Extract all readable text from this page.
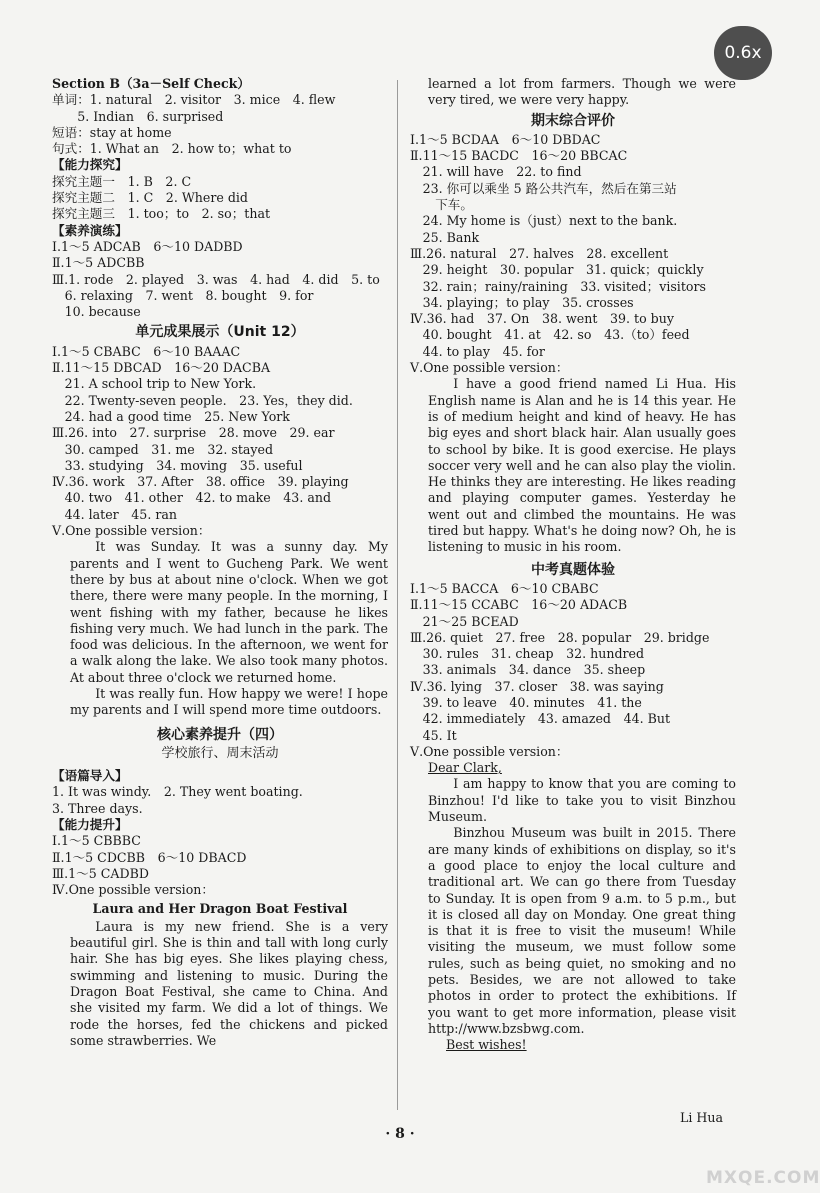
0.6x
Section B（3a－Self Check）
单词：1. natural　2. visitor　3. mice　4. flew
　　5. Indian　6. surprised
短语：stay at home
句式：1. What an　2. how to；what to
【能力探究】
探究主题一　1. B　2. C
探究主题二　1. C　2. Where did
探究主题三　1. too；to　2. so；that
【素养演练】
Ⅰ.1～5 ADCAB　6～10 DADBD
Ⅱ.1～5 ADCBB
Ⅲ.1. rode　2. played　3. was　4. had　4. did　5. to
　6. relaxing　7. went　8. bought　9. for
　10. because
单元成果展示（Unit 12）
Ⅰ.1～5 CBABC　6～10 BAAAC
Ⅱ.11～15 DBCAD　16～20 DACBA
　21. A school trip to New York.
　22. Twenty-seven people.　23. Yes，they did.
　24. had a good time　25. New York
Ⅲ.26. into　27. surprise　28. move　29. ear
　30. camped　31. me　32. stayed
　33. studying　34. moving　35. useful
Ⅳ.36. work　37. After　38. office　39. playing
　40. two　41. other　42. to make　43. and
　44. later　45. ran
Ⅴ.One possible version：
It was Sunday. It was a sunny day. My parents and I went to Gucheng Park. We went there by bus at about nine o'clock. When we got there, there were many people. In the morning, I went fishing with my father, because he likes fishing very much. We had lunch in the park. The food was delicious. In the afternoon, we went for a walk along the lake. We also took many photos. At about three o'clock we returned home.
It was really fun. How happy we were! I hope my parents and I will spend more time outdoors.
核心素养提升（四）
学校旅行、周末活动
【语篇导入】
1. It was windy.　2. They went boating.
3. Three days.
【能力提升】
Ⅰ.1～5 CBBBC
Ⅱ.1～5 CDCBB　6～10 DBACD
Ⅲ.1～5 CADBD
Ⅳ.One possible version：
Laura and Her Dragon Boat Festival
Laura is my new friend. She is a very beautiful girl. She is thin and tall with long curly hair. She has big eyes. She likes playing chess, swimming and listening to music. During the Dragon Boat Festival, she came to China. And she visited my farm. We did a lot of things. We rode the horses, fed the chickens and picked some strawberries. We
learned a lot from farmers. Though we were very tired, we were very happy.
期末综合评价
Ⅰ.1～5 BCDAA　6～10 DBDAC
Ⅱ.11～15 BACDC　16～20 BBCAC
　21. will have　22. to find
　23. 你可以乘坐 5 路公共汽车，然后在第三站
　　下车。
　24. My home is（just）next to the bank.
　25. Bank
Ⅲ.26. natural　27. halves　28. excellent
　29. height　30. popular　31. quick；quickly
　32. rain；rainy/raining　33. visited；visitors
　34. playing；to play　35. crosses
Ⅳ.36. had　37. On　38. went　39. to buy
　40. bought　41. at　42. so　43.（to）feed
　44. to play　45. for
Ⅴ.One possible version：
I have a good friend named Li Hua. His English name is Alan and he is 14 this year. He is of medium height and kind of heavy. He has big eyes and short black hair. Alan usually goes to school by bike. It is good exercise. He plays soccer very well and he can also play the violin. He thinks they are interesting. He likes reading and playing computer games. Yesterday he went out and climbed the mountains. He was tired but happy. What's he doing now? Oh, he is listening to music in his room.
中考真题体验
Ⅰ.1～5 BACCA　6～10 CBABC
Ⅱ.11～15 CCABC　16～20 ADACB
　21～25 BCEAD
Ⅲ.26. quiet　27. free　28. popular　29. bridge
　30. rules　31. cheap　32. hundred
　33. animals　34. dance　35. sheep
Ⅳ.36. lying　37. closer　38. was saying
　39. to leave　40. minutes　41. the
　42. immediately　43. amazed　44. But
　45. It
Ⅴ.One possible version：
Dear Clark,
I am happy to know that you are coming to Binzhou! I'd like to take you to visit Binzhou Museum.
Binzhou Museum was built in 2015. There are many kinds of exhibitions on display, so it's a good place to enjoy the local culture and traditional art. We can go there from Tuesday to Sunday. It is open from 9 a.m. to 5 p.m., but it is closed all day on Monday. One great thing is that it is free to visit the museum! While visiting the museum, we must follow some rules, such as being quiet, no smoking and no pets. Besides, we are not allowed to take photos in order to protect the exhibitions. If you want to get more information, please visit http://www.bzsbwg.com.
Best wishes!
Li Hua
· 8 ·
MXQE.COM
